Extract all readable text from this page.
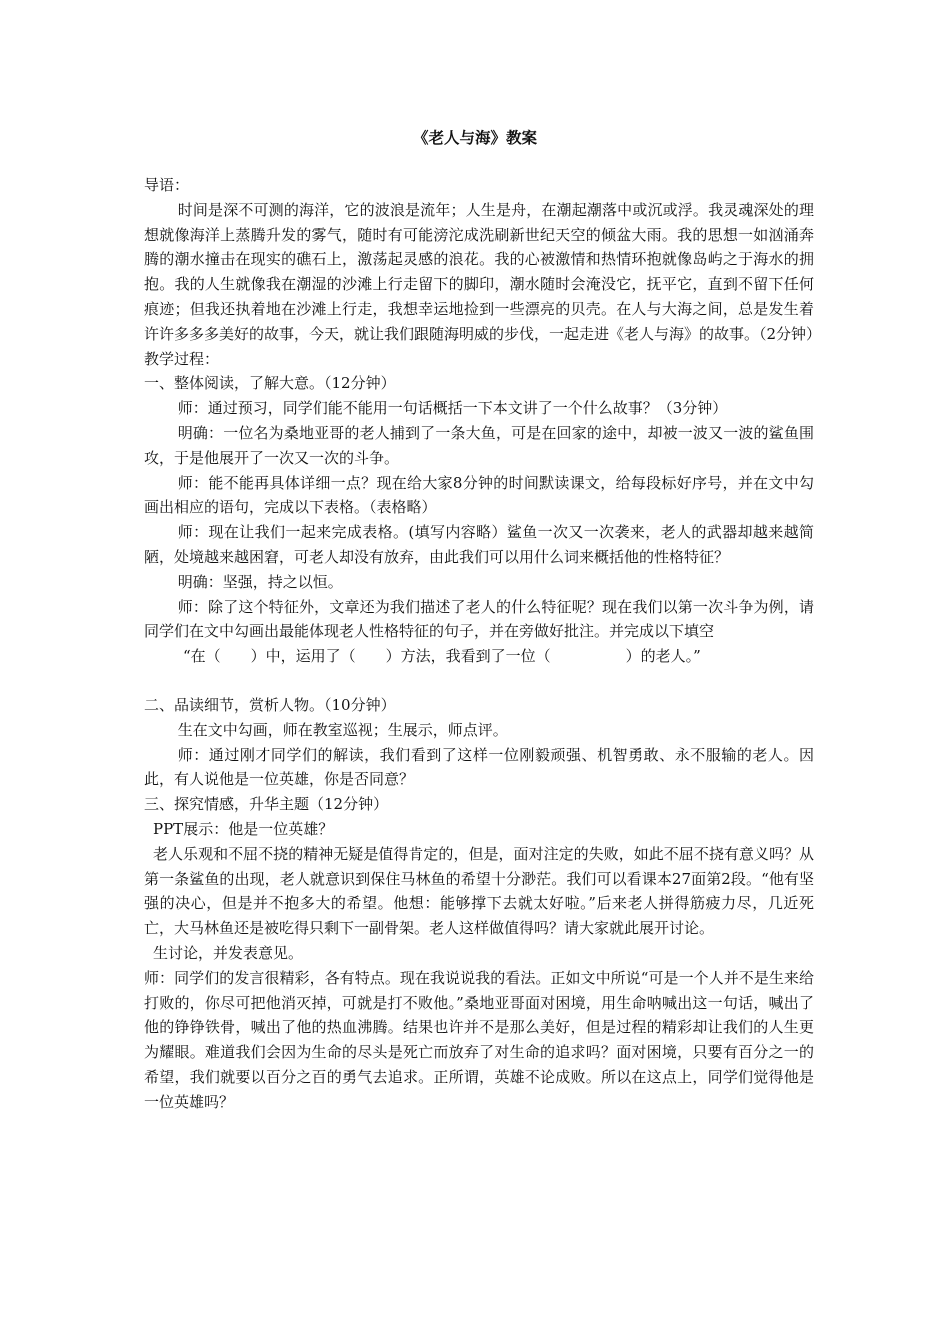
《老人与海》教案

导语：

时间是深不可测的海洋，它的波浪是流年；人生是舟，在潮起潮落中或沉或浮。我灵魂深处的理想就像海洋上蒸腾升发的雾气，随时有可能滂沱成洗刷新世纪天空的倾盆大雨。我的思想一如汹涌奔腾的潮水撞击在现实的礁石上，激荡起灵感的浪花。我的心被激情和热情环抱就像岛屿之于海水的拥抱。我的人生就像我在潮湿的沙滩上行走留下的脚印，潮水随时会淹没它，抚平它，直到不留下任何痕迹；但我还执着地在沙滩上行走，我想幸运地捡到一些漂亮的贝壳。在人与大海之间，总是发生着许许多多多美好的故事，今天，就让我们跟随海明威的步伐，一起走进《老人与海》的故事。（2分钟）

教学过程：

一、整体阅读，了解大意。（12分钟）

师：通过预习，同学们能不能用一句话概括一下本文讲了一个什么故事？（3分钟）

明确：一位名为桑地亚哥的老人捕到了一条大鱼，可是在回家的途中，却被一波又一波的鲨鱼围攻，于是他展开了一次又一次的斗争。

师：能不能再具体详细一点？现在给大家8分钟的时间默读课文，给每段标好序号，并在文中勾画出相应的语句，完成以下表格。（表格略）

师：现在让我们一起来完成表格。(填写内容略）鲨鱼一次又一次袭来，老人的武器却越来越简陋，处境越来越困窘，可老人却没有放弃，由此我们可以用什么词来概括他的性格特征？

明确：坚强，持之以恒。

师：除了这个特征外，文章还为我们描述了老人的什么特征呢？现在我们以第一次斗争为例，请同学们在文中勾画出最能体现老人性格特征的句子，并在旁做好批注。并完成以下填空

“在（　　）中，运用了（　　）方法，我看到了一位（　　　　　）的老人。”

二、品读细节，赏析人物。（10分钟）

生在文中勾画，师在教室巡视；生展示，师点评。

师：通过刚才同学们的解读，我们看到了这样一位刚毅顽强、机智勇敢、永不服输的老人。因此，有人说他是一位英雄，你是否同意？

三、探究情感，升华主题（12分钟）

PPT展示：他是一位英雄？

老人乐观和不屈不挠的精神无疑是值得肯定的，但是，面对注定的失败，如此不屈不挠有意义吗？从第一条鲨鱼的出现，老人就意识到保住马林鱼的希望十分渺茫。我们可以看课本27面第2段。“他有坚强的决心，但是并不抱多大的希望。他想：能够撑下去就太好啦。”后来老人拼得筋疲力尽，几近死亡，大马林鱼还是被吃得只剩下一副骨架。老人这样做值得吗？请大家就此展开讨论。

生讨论，并发表意见。

师：同学们的发言很精彩，各有特点。现在我说说我的看法。正如文中所说“可是一个人并不是生来给打败的，你尽可把他消灭掉，可就是打不败他。”桑地亚哥面对困境，用生命呐喊出这一句话，喊出了他的铮铮铁骨，喊出了他的热血沸腾。结果也许并不是那么美好，但是过程的精彩却让我们的人生更为耀眼。难道我们会因为生命的尽头是死亡而放弃了对生命的追求吗？面对困境，只要有百分之一的希望，我们就要以百分之百的勇气去追求。正所谓，英雄不论成败。所以在这点上，同学们觉得他是一位英雄吗？
